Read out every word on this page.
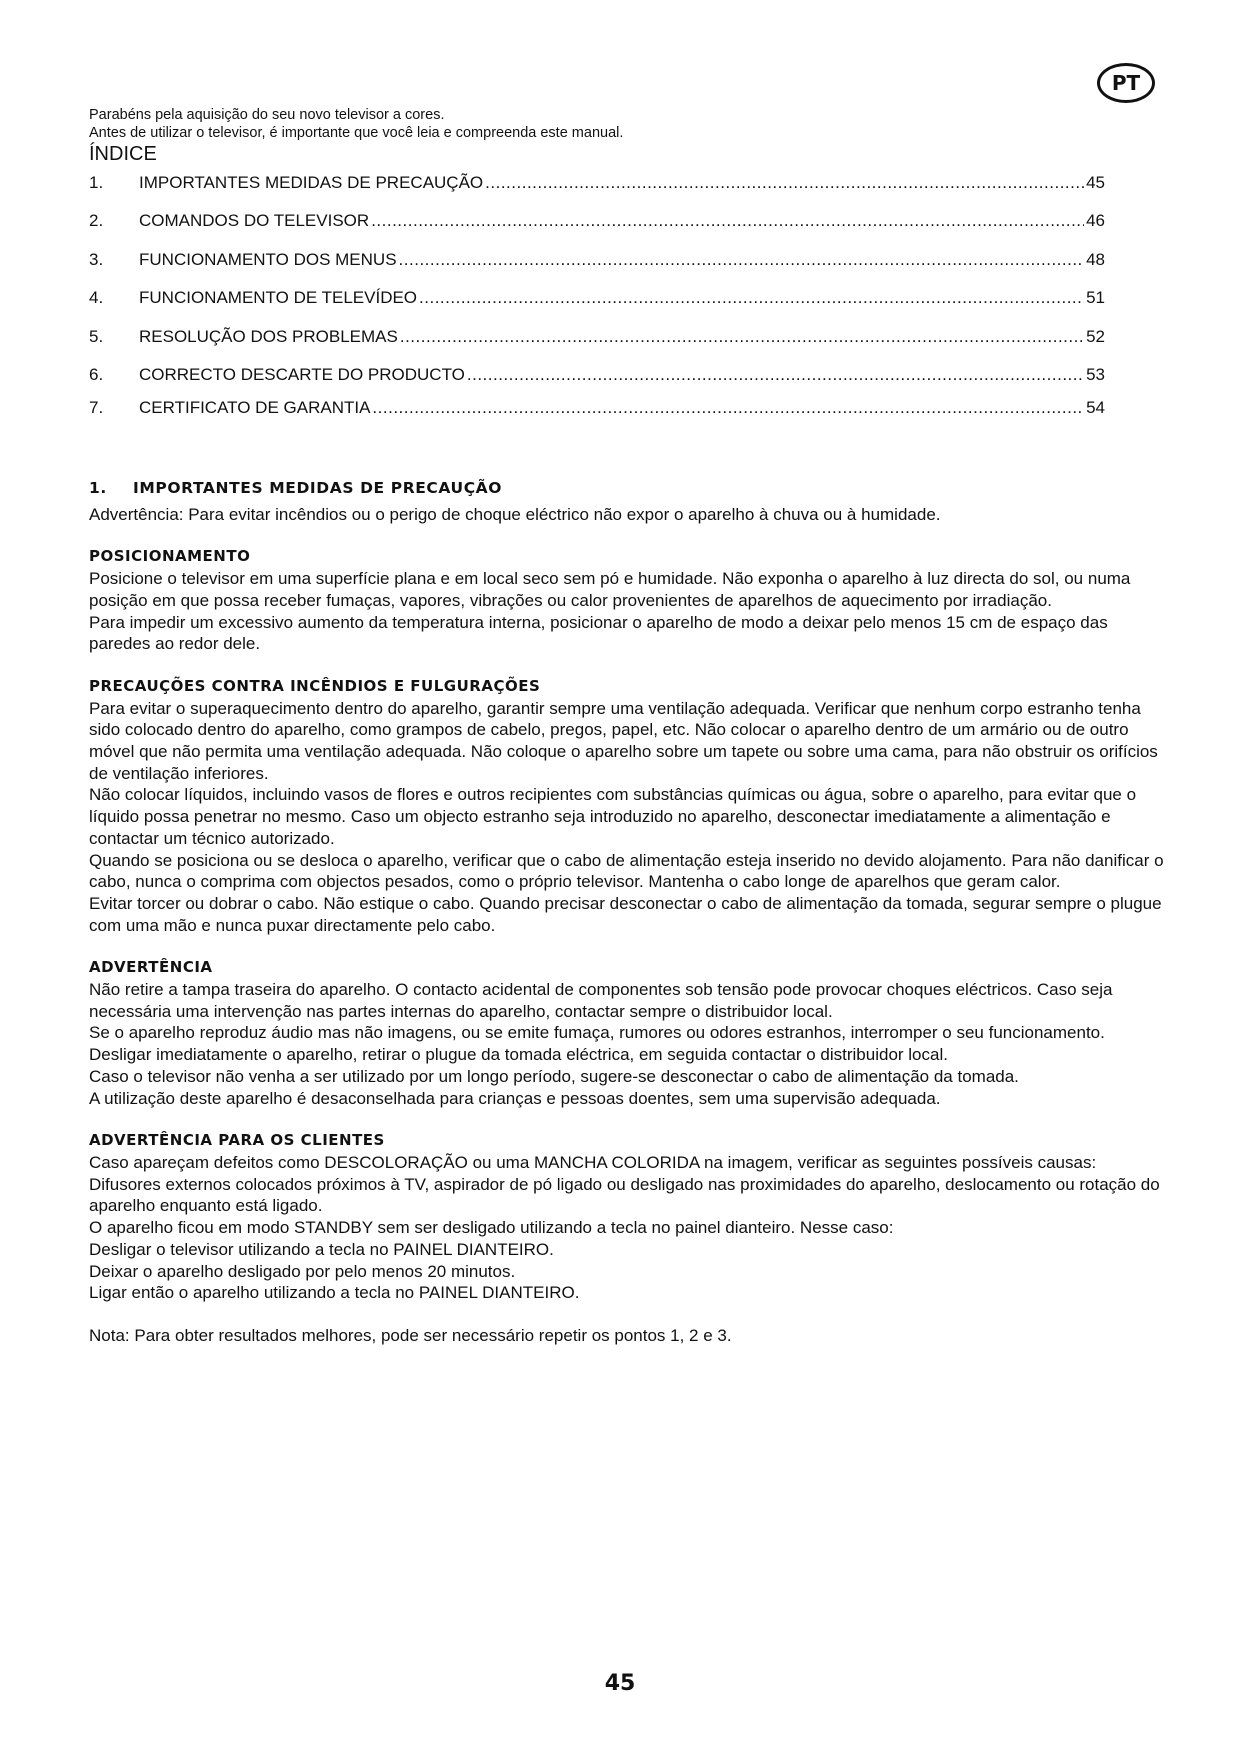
PT

Parabéns pela aquisição do seu novo televisor a cores.

Antes de utilizar o televisor, é importante que você leia e compreenda este manual.

ÍNDICE
1.	IMPORTANTES MEDIDAS DE PRECAUÇÃO .....	45
2.	COMANDOS DO TELEVISOR .....	46
3.	FUNCIONAMENTO DOS MENUS .....	48
4.	FUNCIONAMENTO DE TELEVÍDEO .....	51
5.	RESOLUÇÃO DOS PROBLEMAS .....	52
6.	CORRECTO DESCARTE DO PRODUCTO .....	53
7.	CERTIFICATO DE GARANTIA .....	54

1. IMPORTANTES MEDIDAS DE PRECAUÇÃO

Advertência: Para evitar incêndios ou o perigo de choque eléctrico não expor o aparelho à chuva ou à humidade.

POSICIONAMENTO

Posicione o televisor em uma superfície plana e em local seco sem pó e humidade. Não exponha o aparelho à luz directa do sol, ou numa posição em que possa receber fumaças, vapores, vibrações ou calor provenientes de aparelhos de aquecimento por irradiação.

Para impedir um excessivo aumento da temperatura interna, posicionar o aparelho de modo a deixar pelo menos 15 cm de espaço das paredes ao redor dele.

PRECAUÇÕES CONTRA INCÊNDIOS E FULGURAÇÕES

Para evitar o superaquecimento dentro do aparelho, garantir sempre uma ventilação adequada. Verificar que nenhum corpo estranho tenha sido colocado dentro do aparelho, como grampos de cabelo, pregos, papel, etc. Não colocar o aparelho dentro de um armário ou de outro móvel que não permita uma ventilação adequada. Não coloque o aparelho sobre um tapete ou sobre uma cama, para não obstruir os orifícios de ventilação inferiores.

Não colocar líquidos, incluindo vasos de flores e outros recipientes com substâncias químicas ou água, sobre o aparelho, para evitar que o líquido possa penetrar no mesmo. Caso um objecto estranho seja introduzido no aparelho, desconectar imediatamente a alimentação e contactar um técnico autorizado.

Quando se posiciona ou se desloca o aparelho, verificar que o cabo de alimentação esteja inserido no devido alojamento. Para não danificar o cabo, nunca o comprima com objectos pesados, como o próprio televisor. Mantenha o cabo longe de aparelhos que geram calor.

Evitar torcer ou dobrar o cabo. Não estique o cabo. Quando precisar desconectar o cabo de alimentação da tomada, segurar sempre o plugue com uma mão e nunca puxar directamente pelo cabo.

ADVERTÊNCIA

Não retire a tampa traseira do aparelho. O contacto acidental de componentes sob tensão pode provocar choques eléctricos. Caso seja necessária uma intervenção nas partes internas do aparelho, contactar sempre o distribuidor local.

Se o aparelho reproduz áudio mas não imagens, ou se emite fumaça, rumores ou odores estranhos, interromper o seu funcionamento. Desligar imediatamente o aparelho, retirar o plugue da tomada eléctrica, em seguida contactar o distribuidor local.

Caso o televisor não venha a ser utilizado por um longo período, sugere-se desconectar o cabo de alimentação da tomada.

A utilização deste aparelho é desaconselhada para crianças e pessoas doentes, sem uma supervisão adequada.

ADVERTÊNCIA PARA OS CLIENTES

Caso apareçam defeitos como DESCOLORAÇÃO ou uma MANCHA COLORIDA na imagem, verificar as seguintes possíveis causas:

Difusores externos colocados próximos à TV, aspirador de pó ligado ou desligado nas proximidades do aparelho, deslocamento ou rotação do aparelho enquanto está ligado.

O aparelho ficou em modo STANDBY sem ser desligado utilizando a tecla no painel dianteiro. Nesse caso:

Desligar o televisor utilizando a tecla no PAINEL DIANTEIRO.

Deixar o aparelho desligado por pelo menos 20 minutos.

Ligar então o aparelho utilizando a tecla no PAINEL DIANTEIRO.

Nota: Para obter resultados melhores, pode ser necessário repetir os pontos 1, 2 e 3.

45
